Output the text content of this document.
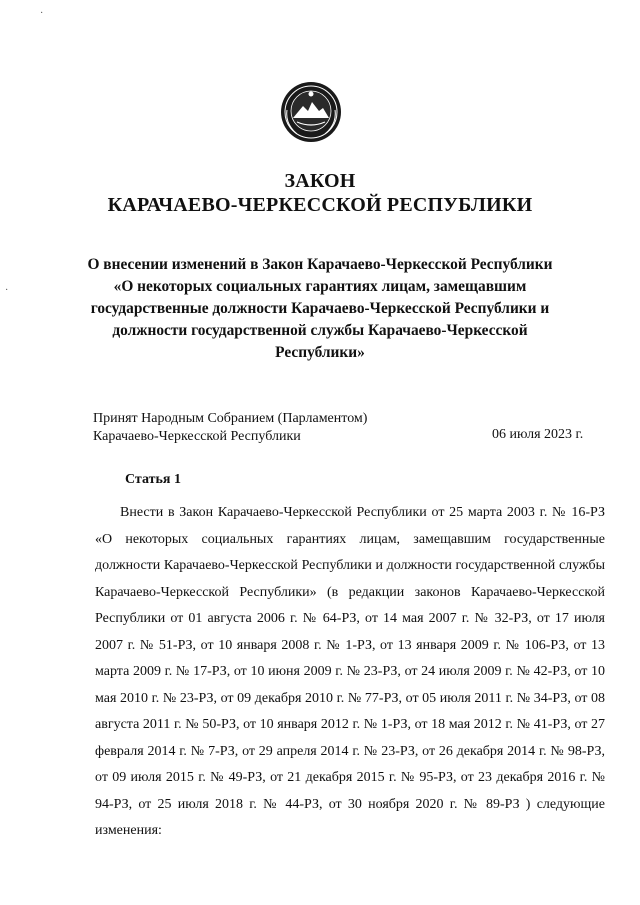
·
·
ЗАКОН
КАРАЧАЕВО-ЧЕРКЕССКОЙ РЕСПУБЛИКИ
О внесении изменений в Закон Карачаево-Черкесской Республики «О некоторых социальных гарантиях лицам, замещавшим государственные должности Карачаево-Черкесской Республики и должности государственной службы Карачаево-Черкесской Республики»
Принят Народным Собранием (Парламентом)
Карачаево-Черкесской Республики	06 июля 2023 г.
Статья 1

Внести в Закон Карачаево-Черкесской Республики от 25 марта 2003 г. № 16-РЗ «О некоторых социальных гарантиях лицам, замещавшим государственные должности Карачаево-Черкесской Республики и должности государственной службы Карачаево-Черкесской Республики» (в редакции законов Карачаево-Черкесской Республики от 01 августа 2006 г. № 64-РЗ, от 14 мая 2007 г. № 32-РЗ, от 17 июля 2007 г. № 51-РЗ, от 10 января 2008 г. № 1-РЗ, от 13 января 2009 г. № 106-РЗ, от 13 марта 2009 г. № 17-РЗ, от 10 июня 2009 г. № 23-РЗ, от 24 июля 2009 г. № 42-РЗ, от 10 мая 2010 г. № 23-РЗ, от 09 декабря 2010 г. № 77-РЗ, от 05 июля 2011 г. № 34-РЗ, от 08 августа 2011 г. № 50-РЗ, от 10 января 2012 г. № 1-РЗ, от 18 мая 2012 г. № 41-РЗ, от 27 февраля 2014 г. № 7-РЗ, от 29 апреля 2014 г. № 23-РЗ, от 26 декабря 2014 г. № 98-РЗ, от 09 июля 2015 г. № 49-РЗ, от 21 декабря 2015 г. № 95-РЗ, от 23 декабря 2016 г. № 94-РЗ, от 25 июля 2018 г. № 44-РЗ, от 30 ноября 2020 г. № 89-РЗ ) следующие изменения:
